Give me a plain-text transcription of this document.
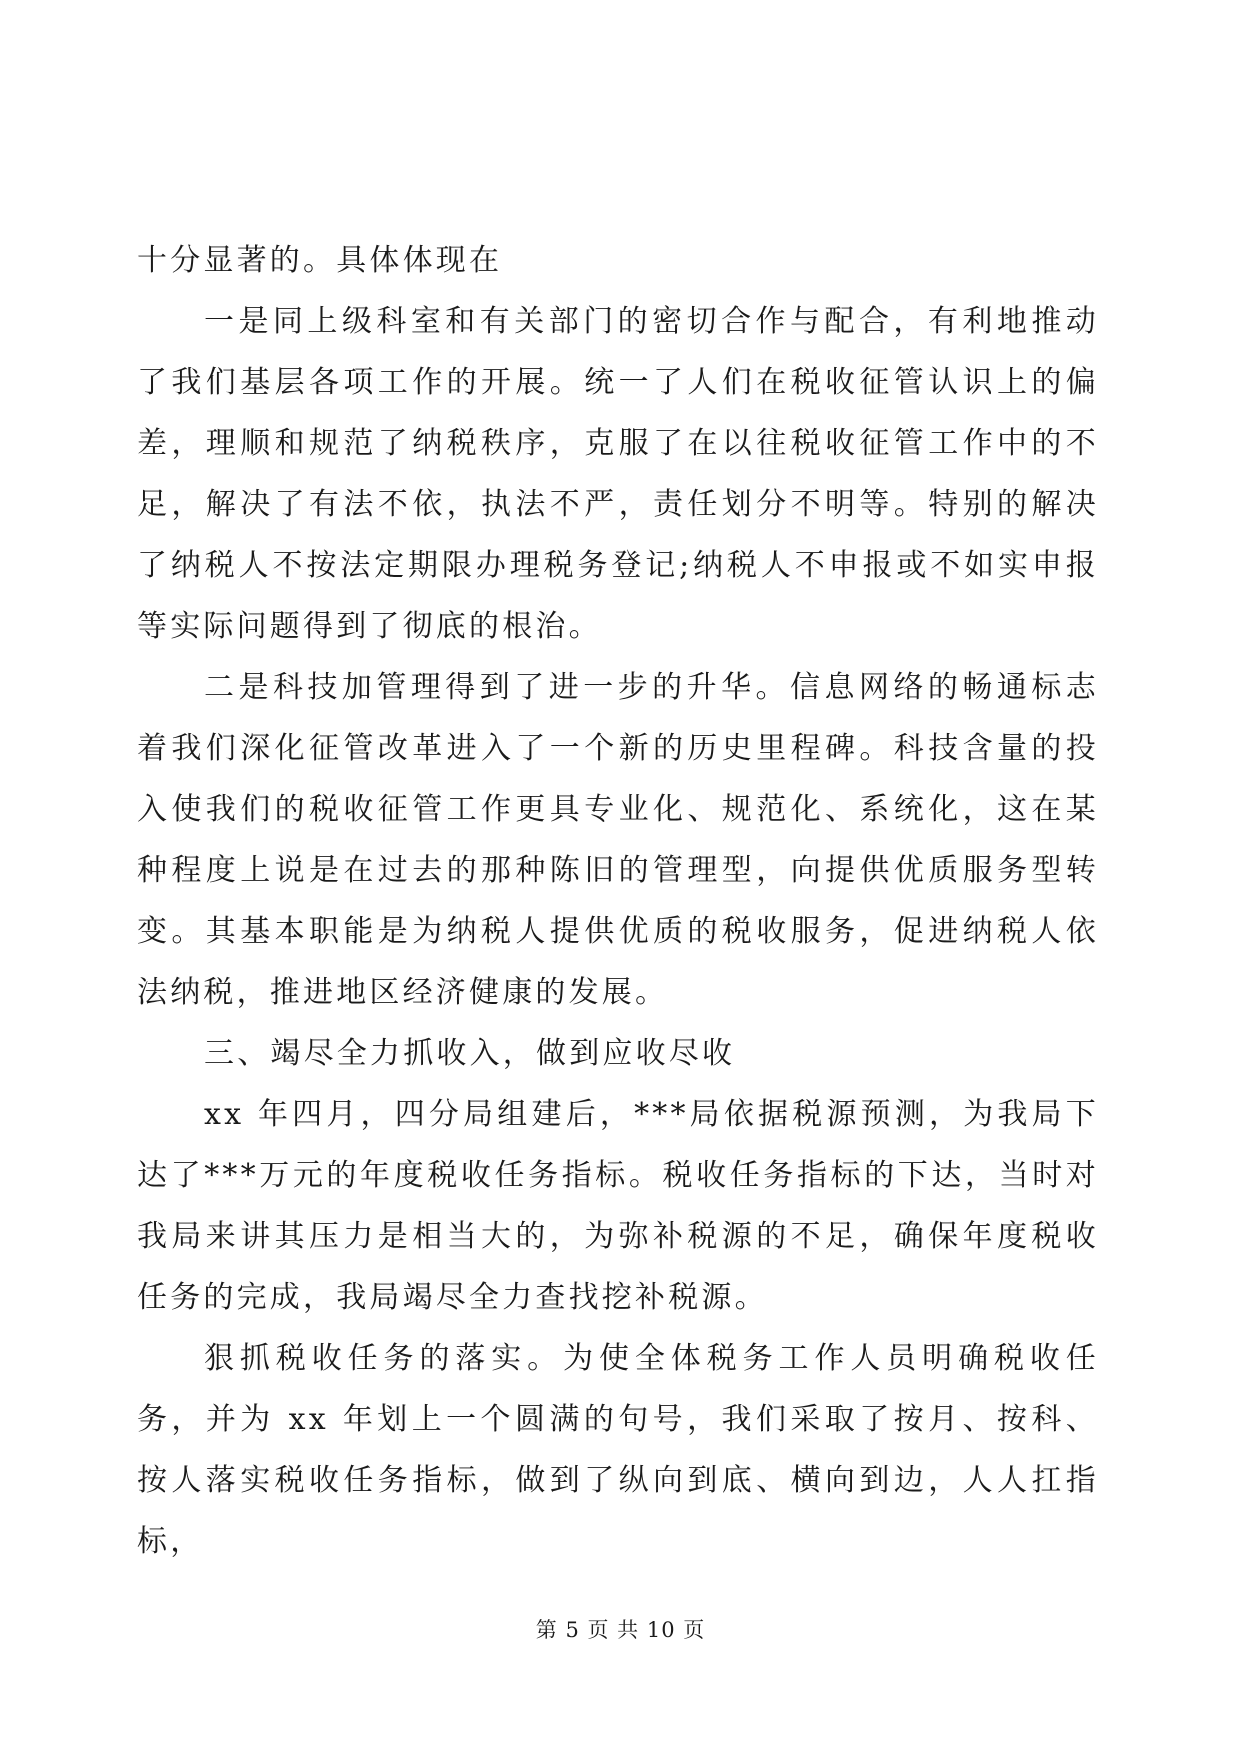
十分显著的。具体体现在

一是同上级科室和有关部门的密切合作与配合，有利地推动了我们基层各项工作的开展。统一了人们在税收征管认识上的偏差，理顺和规范了纳税秩序，克服了在以往税收征管工作中的不足，解决了有法不依，执法不严，责任划分不明等。特别的解决了纳税人不按法定期限办理税务登记;纳税人不申报或不如实申报等实际问题得到了彻底的根治。

二是科技加管理得到了进一步的升华。信息网络的畅通标志着我们深化征管改革进入了一个新的历史里程碑。科技含量的投入使我们的税收征管工作更具专业化、规范化、系统化，这在某种程度上说是在过去的那种陈旧的管理型，向提供优质服务型转变。其基本职能是为纳税人提供优质的税收服务，促进纳税人依法纳税，推进地区经济健康的发展。

三、竭尽全力抓收入，做到应收尽收

xx 年四月，四分局组建后，***局依据税源预测，为我局下达了***万元的年度税收任务指标。税收任务指标的下达，当时对我局来讲其压力是相当大的，为弥补税源的不足，确保年度税收任务的完成，我局竭尽全力查找挖补税源。

狠抓税收任务的落实。为使全体税务工作人员明确税收任务，并为 xx 年划上一个圆满的句号，我们采取了按月、按科、按人落实税收任务指标，做到了纵向到底、横向到边，人人扛指标，

第 5 页 共 10 页
